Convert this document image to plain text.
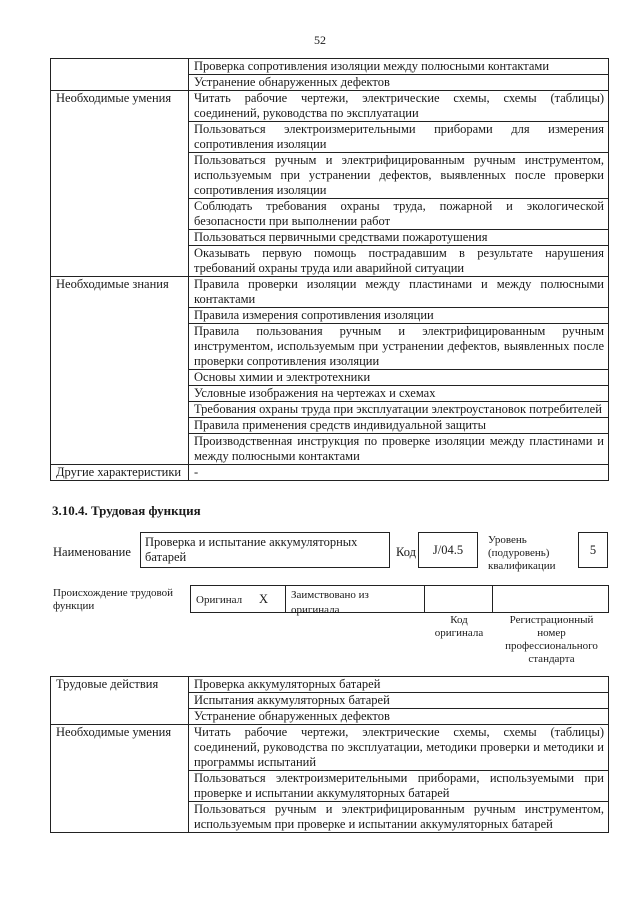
52
	Проверка сопротивления изоляции между полюсными контактами
	Устранение обнаруженных дефектов
Необходимые умения	Читать рабочие чертежи, электрические схемы, схемы (таблицы) соединений, руководства по эксплуатации
	Пользоваться электроизмерительными приборами для измерения сопротивления изоляции
	Пользоваться ручным и электрифицированным ручным инструментом, используемым при устранении дефектов, выявленных после проверки сопротивления изоляции
	Соблюдать требования охраны труда, пожарной и экологической безопасности при выполнении работ
	Пользоваться первичными средствами пожаротушения
	Оказывать первую помощь пострадавшим в результате нарушения требований охраны труда или аварийной ситуации
Необходимые знания	Правила проверки изоляции между пластинами и между полюсными контактами
	Правила измерения сопротивления изоляции
	Правила пользования ручным и электрифицированным ручным инструментом, используемым при устранении дефектов, выявленных после проверки сопротивления изоляции
	Основы химии и электротехники
	Условные изображения на чертежах и схемах
	Требования охраны труда при эксплуатации электроустановок потребителей
	Правила применения средств индивидуальной защиты
	Производственная инструкция по проверке изоляции между пластинами и между полюсными контактами
Другие характеристики	-
3.10.4. Трудовая функция
Наименование
Проверка и испытание аккумуляторных батарей	Код	J/04.5
Уровень (подуровень) квалификации
5
Происхождение трудовой функции	Оригинал X	Заимствовано из оригинала
Код оригинала
Регистрационный номер профессионального стандарта
Трудовые действия	Проверка аккумуляторных батарей
	Испытания аккумуляторных батарей
	Устранение обнаруженных дефектов
Необходимые умения	Читать рабочие чертежи, электрические схемы, схемы (таблицы) соединений, руководства по эксплуатации, методики проверки и методики и программы испытаний
	Пользоваться электроизмерительными приборами, используемыми при проверке и испытании аккумуляторных батарей
	Пользоваться ручным и электрифицированным ручным инструментом, используемым при проверке и испытании аккумуляторных батарей
